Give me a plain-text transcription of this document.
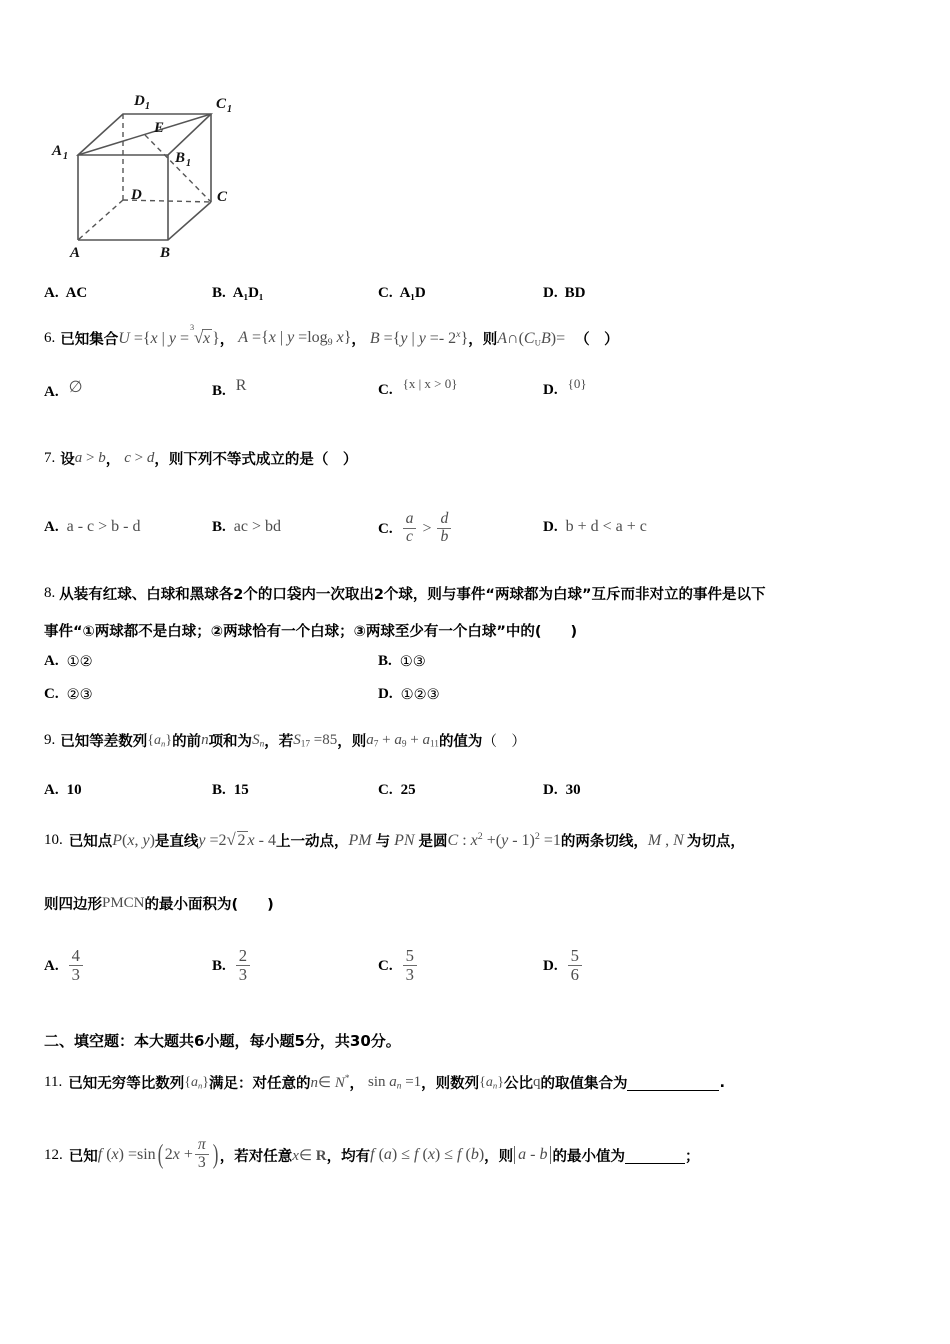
D 1	C 1
E
A 1	B 1
D	C
A	B
A. AC	B. A₁D₁	C. A₁D	D. BD
6. 已知集合 U ={x | y =
√ 3
x } ， A ={x | $y =\log_9$ x} ， B ={y | y =- 2$^x$} ， 则 $A\cap(C_UB)=$ （　）
A. ∅	B. R	C. {x | x > 0}	D. {0}
7. 设 a > b ， c > d ， 则下列不等式成立的是（　）
A. a - c > b - d	B. ac > bd	C. $\frac{a}{c} > \frac{d}{b}$	D. b + d < a + c
8. 从装有红球、白球和黑球各2个的口袋内一次取出2个球，则与事件“两球都为白球”互斥而非对立的事件是以下
事件“①两球都不是白球；②两球恰有一个白球；③两球至少有一个白球”中的(　　)
A. ①②	B. ①③
C. ②③	D. ①②③
9. 已知等差数列 $\{a_n\}$ 的前 n 项和为 $S_n$ ， 若 $S_{17} =85$ ， 则 $a_7 + a_9 + a_{11}$ 的值为 （　）
A. 10	B. 15	C. 25	D. 30
10. 已知点 P(x, y) 是直线 y =2 √ 2 x - 4 上一动点， PM 与 PN 是圆 C : $x^2 +(y - 1)^2 =1$ 的两条切线， M , N 为切点，
则四边形 PMCN 的最小面积为(　　)
A. $\frac{4}{3}$	B. $\frac{2}{3}$	C. $\frac{5}{3}$	D. $\frac{5}{6}$
二、填空题：本大题共6小题，每小题5分，共30分。
11. 已知无穷等比数列 $\{a_n\}$ 满足：对任意的 n∈ N* ， $\sin a_n =1$ ， 则数列 $\{a_n\}$ 公比 q 的取值集合为	.
12. 已知 f (x) =sin( $2x + \frac{\pi}{3}$ ) ， 若对任意 x∈ R ， 均有 f (a) ≤ f (x) ≤ f (b) ， 则 a - b 的最小值为	；
